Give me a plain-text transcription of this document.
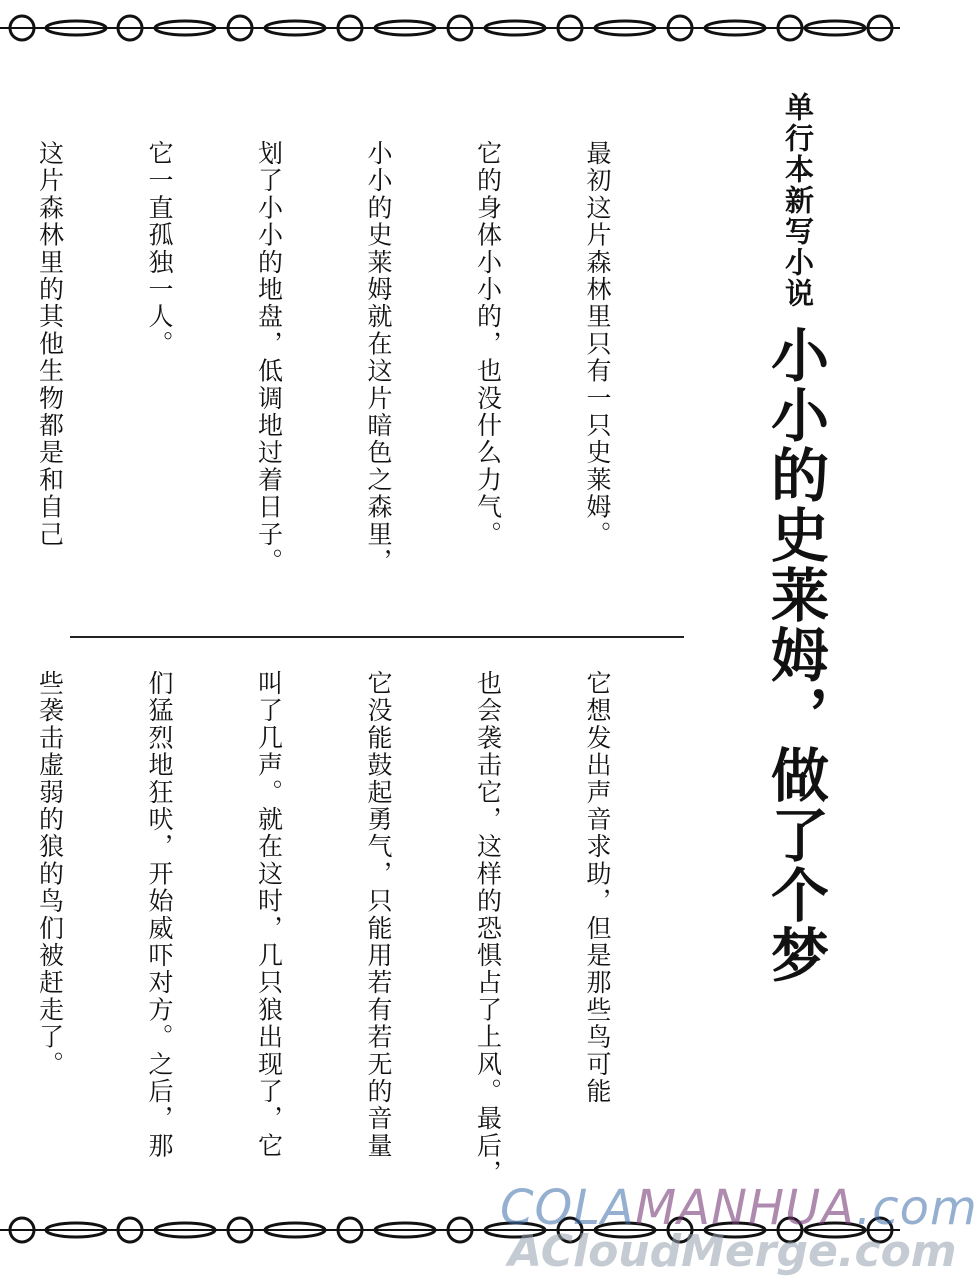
单行本新写小说
小小的史莱姆，做了个梦

最初这片森林里只有一只史莱姆。

它的身体小小的，也没什么力气。

小小的史莱姆就在这片暗色之森里，

划了小小的地盘，低调地过着日子。

它一直孤独一人。

这片森林里的其他生物都是和自己

它想发出声音求助，但是那些鸟可能

也会袭击它，这样的恐惧占了上风。最后，

它没能鼓起勇气，只能用若有若无的音量

叫了几声。就在这时，几只狼出现了，它

们猛烈地狂吠，开始威吓对方。之后，那

些袭击虚弱的狼的鸟们被赶走了。

COLAMANHUA.com
ACloudMerge.com
